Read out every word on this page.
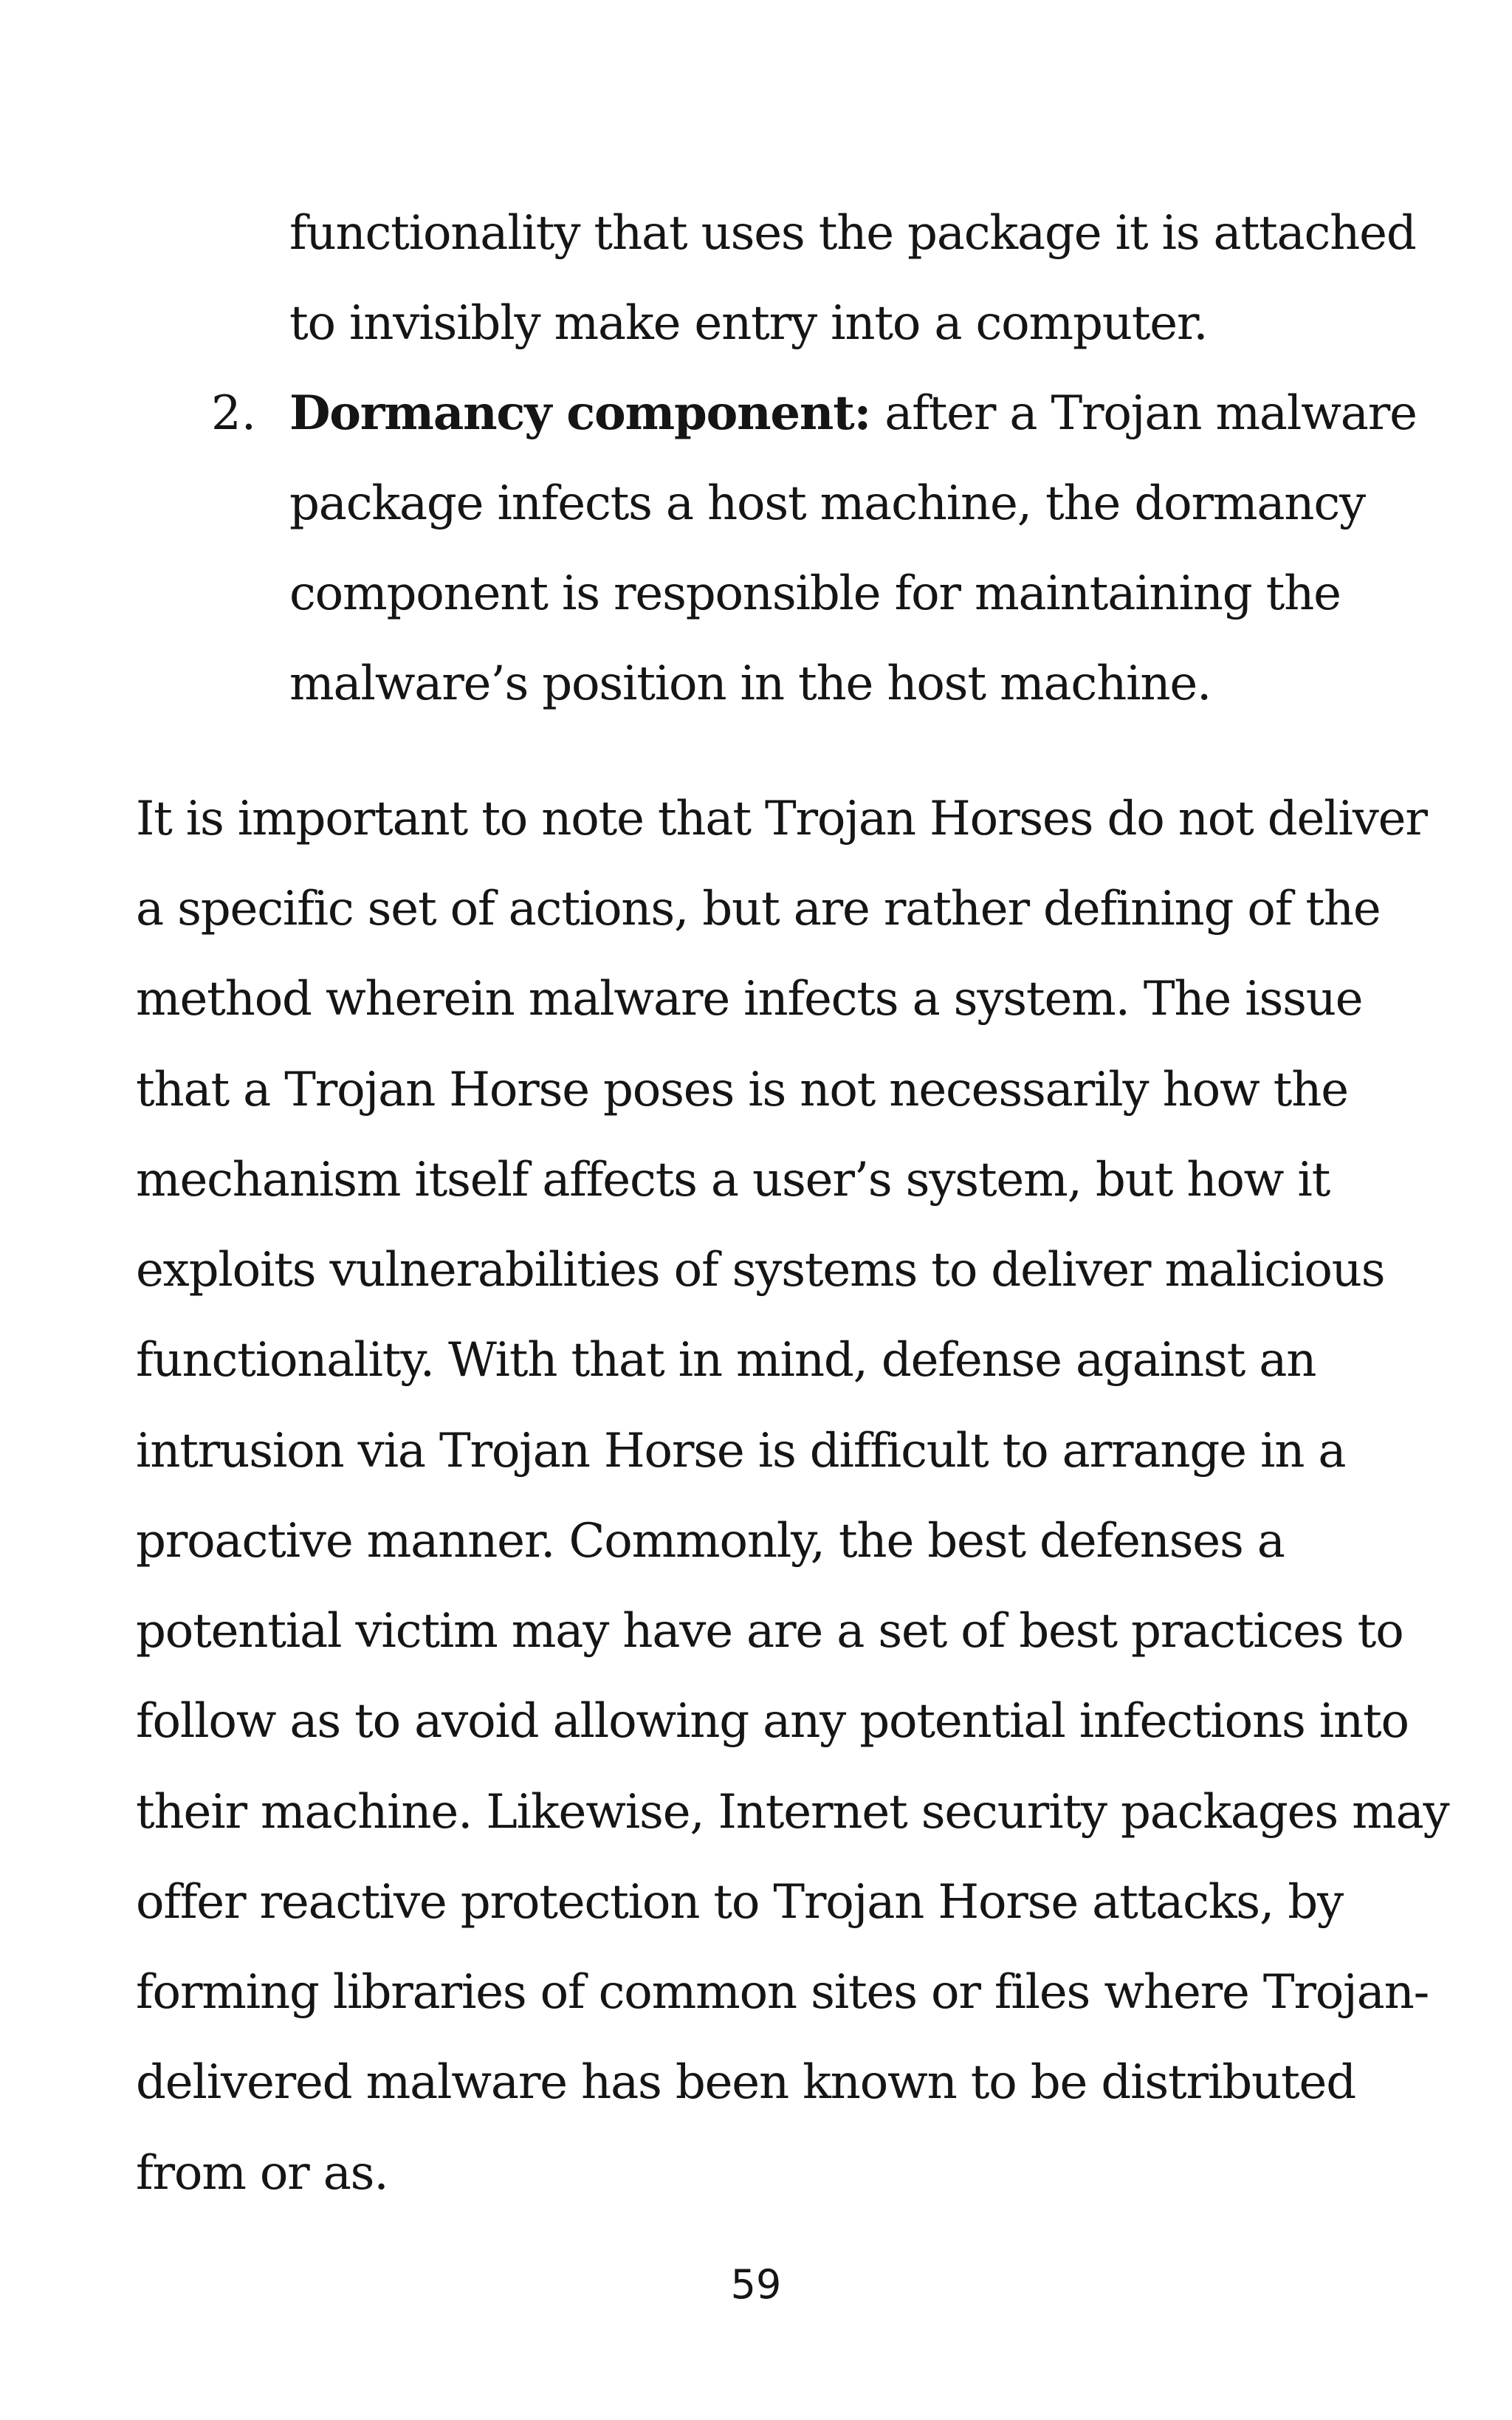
functionality that uses the package it is attached
to invisibly make entry into a computer.
2. Dormancy component: after a Trojan malware
package infects a host machine, the dormancy
component is responsible for maintaining the
malware’s position in the host machine.
It is important to note that Trojan Horses do not deliver
a specific set of actions, but are rather defining of the
method wherein malware infects a system. The issue
that a Trojan Horse poses is not necessarily how the
mechanism itself affects a user’s system, but how it
exploits vulnerabilities of systems to deliver malicious
functionality. With that in mind, defense against an
intrusion via Trojan Horse is difficult to arrange in a
proactive manner. Commonly, the best defenses a
potential victim may have are a set of best practices to
follow as to avoid allowing any potential infections into
their machine. Likewise, Internet security packages may
offer reactive protection to Trojan Horse attacks, by
forming libraries of common sites or files where Trojan-
delivered malware has been known to be distributed
from or as.
59
